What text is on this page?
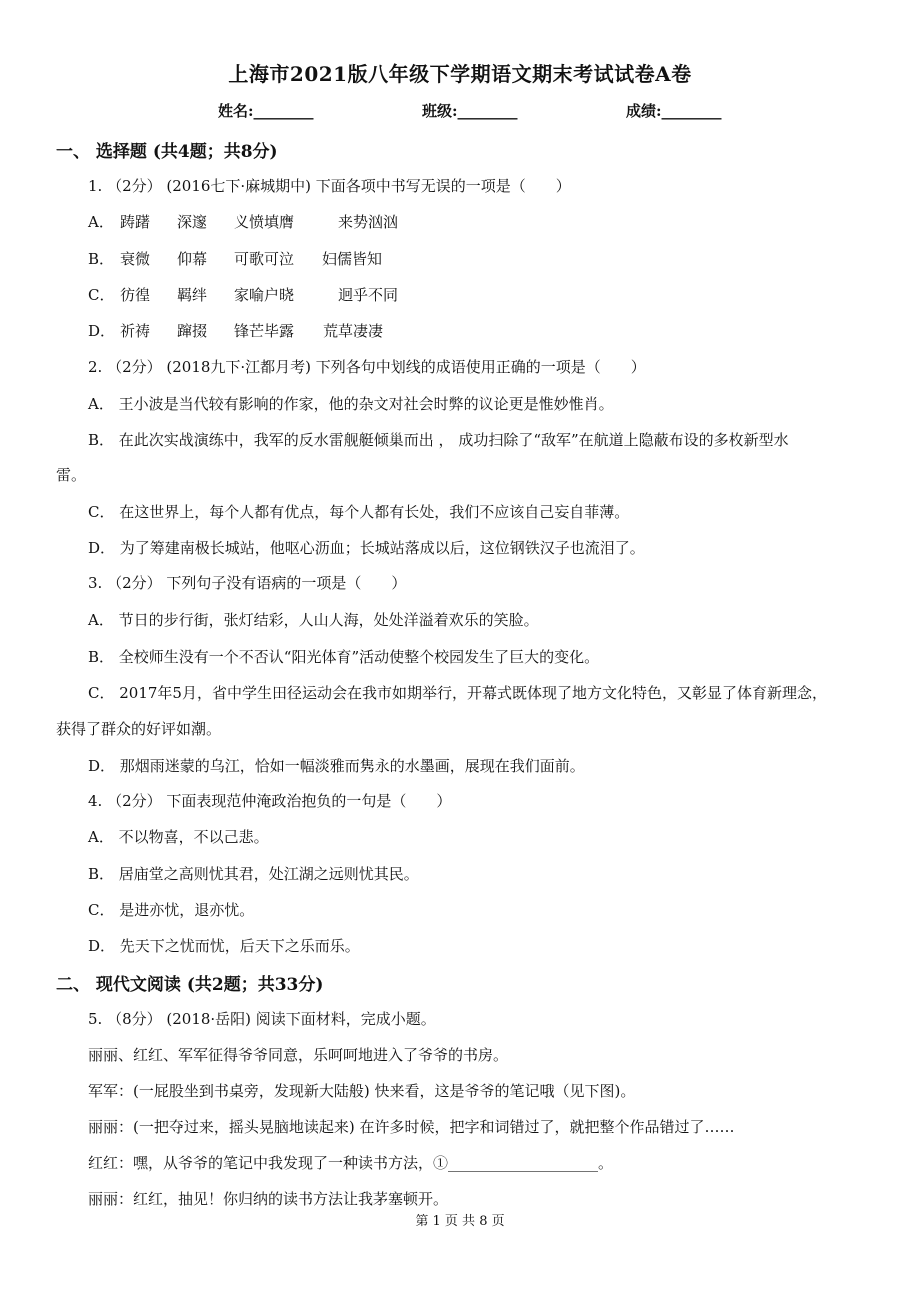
上海市2021版八年级下学期语文期末考试试卷A卷
姓名:________	班级:________	成绩:________
一、 选择题 (共4题；共8分)
1. （2分） (2016七下·麻城期中) 下面各项中书写无误的一项是（　　）
A． 踌躇 深邃 义愤填膺	来势汹汹
B． 衰微 仰幕 可歌可泣 妇儒皆知
C． 彷徨 羁绊 家喻户晓	迥乎不同
D． 祈祷 蹿掇 锋芒毕露 荒草凄凄
2. （2分） (2018九下·江都月考) 下列各句中划线的成语使用正确的一项是（　　）
A． 王小波是当代较有影响的作家，他的杂文对社会时弊的议论更是惟妙惟肖。
B． 在此次实战演练中，我军的反水雷舰艇倾巢而出 ， 成功扫除了“敌军”在航道上隐蔽布设的多枚新型水
雷。
C． 在这世界上，每个人都有优点，每个人都有长处，我们不应该自己妄自菲薄。
D． 为了筹建南极长城站，他呕心沥血；长城站落成以后，这位钢铁汉子也流泪了。
3. （2分） 下列句子没有语病的一项是（　　）
A． 节日的步行街，张灯结彩，人山人海，处处洋溢着欢乐的笑脸。
B． 全校师生没有一个不否认“阳光体育”活动使整个校园发生了巨大的变化。
C． 2017年5月，省中学生田径运动会在我市如期举行，开幕式既体现了地方文化特色，又彰显了体育新理念，
获得了群众的好评如潮。
D． 那烟雨迷蒙的乌江，恰如一幅淡雅而隽永的水墨画，展现在我们面前。
4. （2分） 下面表现范仲淹政治抱负的一句是（　　）
A． 不以物喜，不以己悲。
B． 居庙堂之高则忧其君，处江湖之远则忧其民。
C． 是进亦忧，退亦忧。
D． 先天下之忧而忧，后天下之乐而乐。
二、 现代文阅读 (共2题；共33分)
5. （8分） (2018·岳阳) 阅读下面材料，完成小题。
丽丽、红红、军军征得爷爷同意，乐呵呵地进入了爷爷的书房。
军军：(一屁股坐到书桌旁，发现新大陆般) 快来看，这是爷爷的笔记哦（见下图)。
丽丽：(一把夺过来，摇头晃脑地读起来) 在许多时候，把字和词错过了，就把整个作品错过了……
红红：嘿，从爷爷的笔记中我发现了一种读书方法，①____________________。
丽丽：红红，抽见！你归纳的读书方法让我茅塞顿开。
第 1 页 共 8 页
